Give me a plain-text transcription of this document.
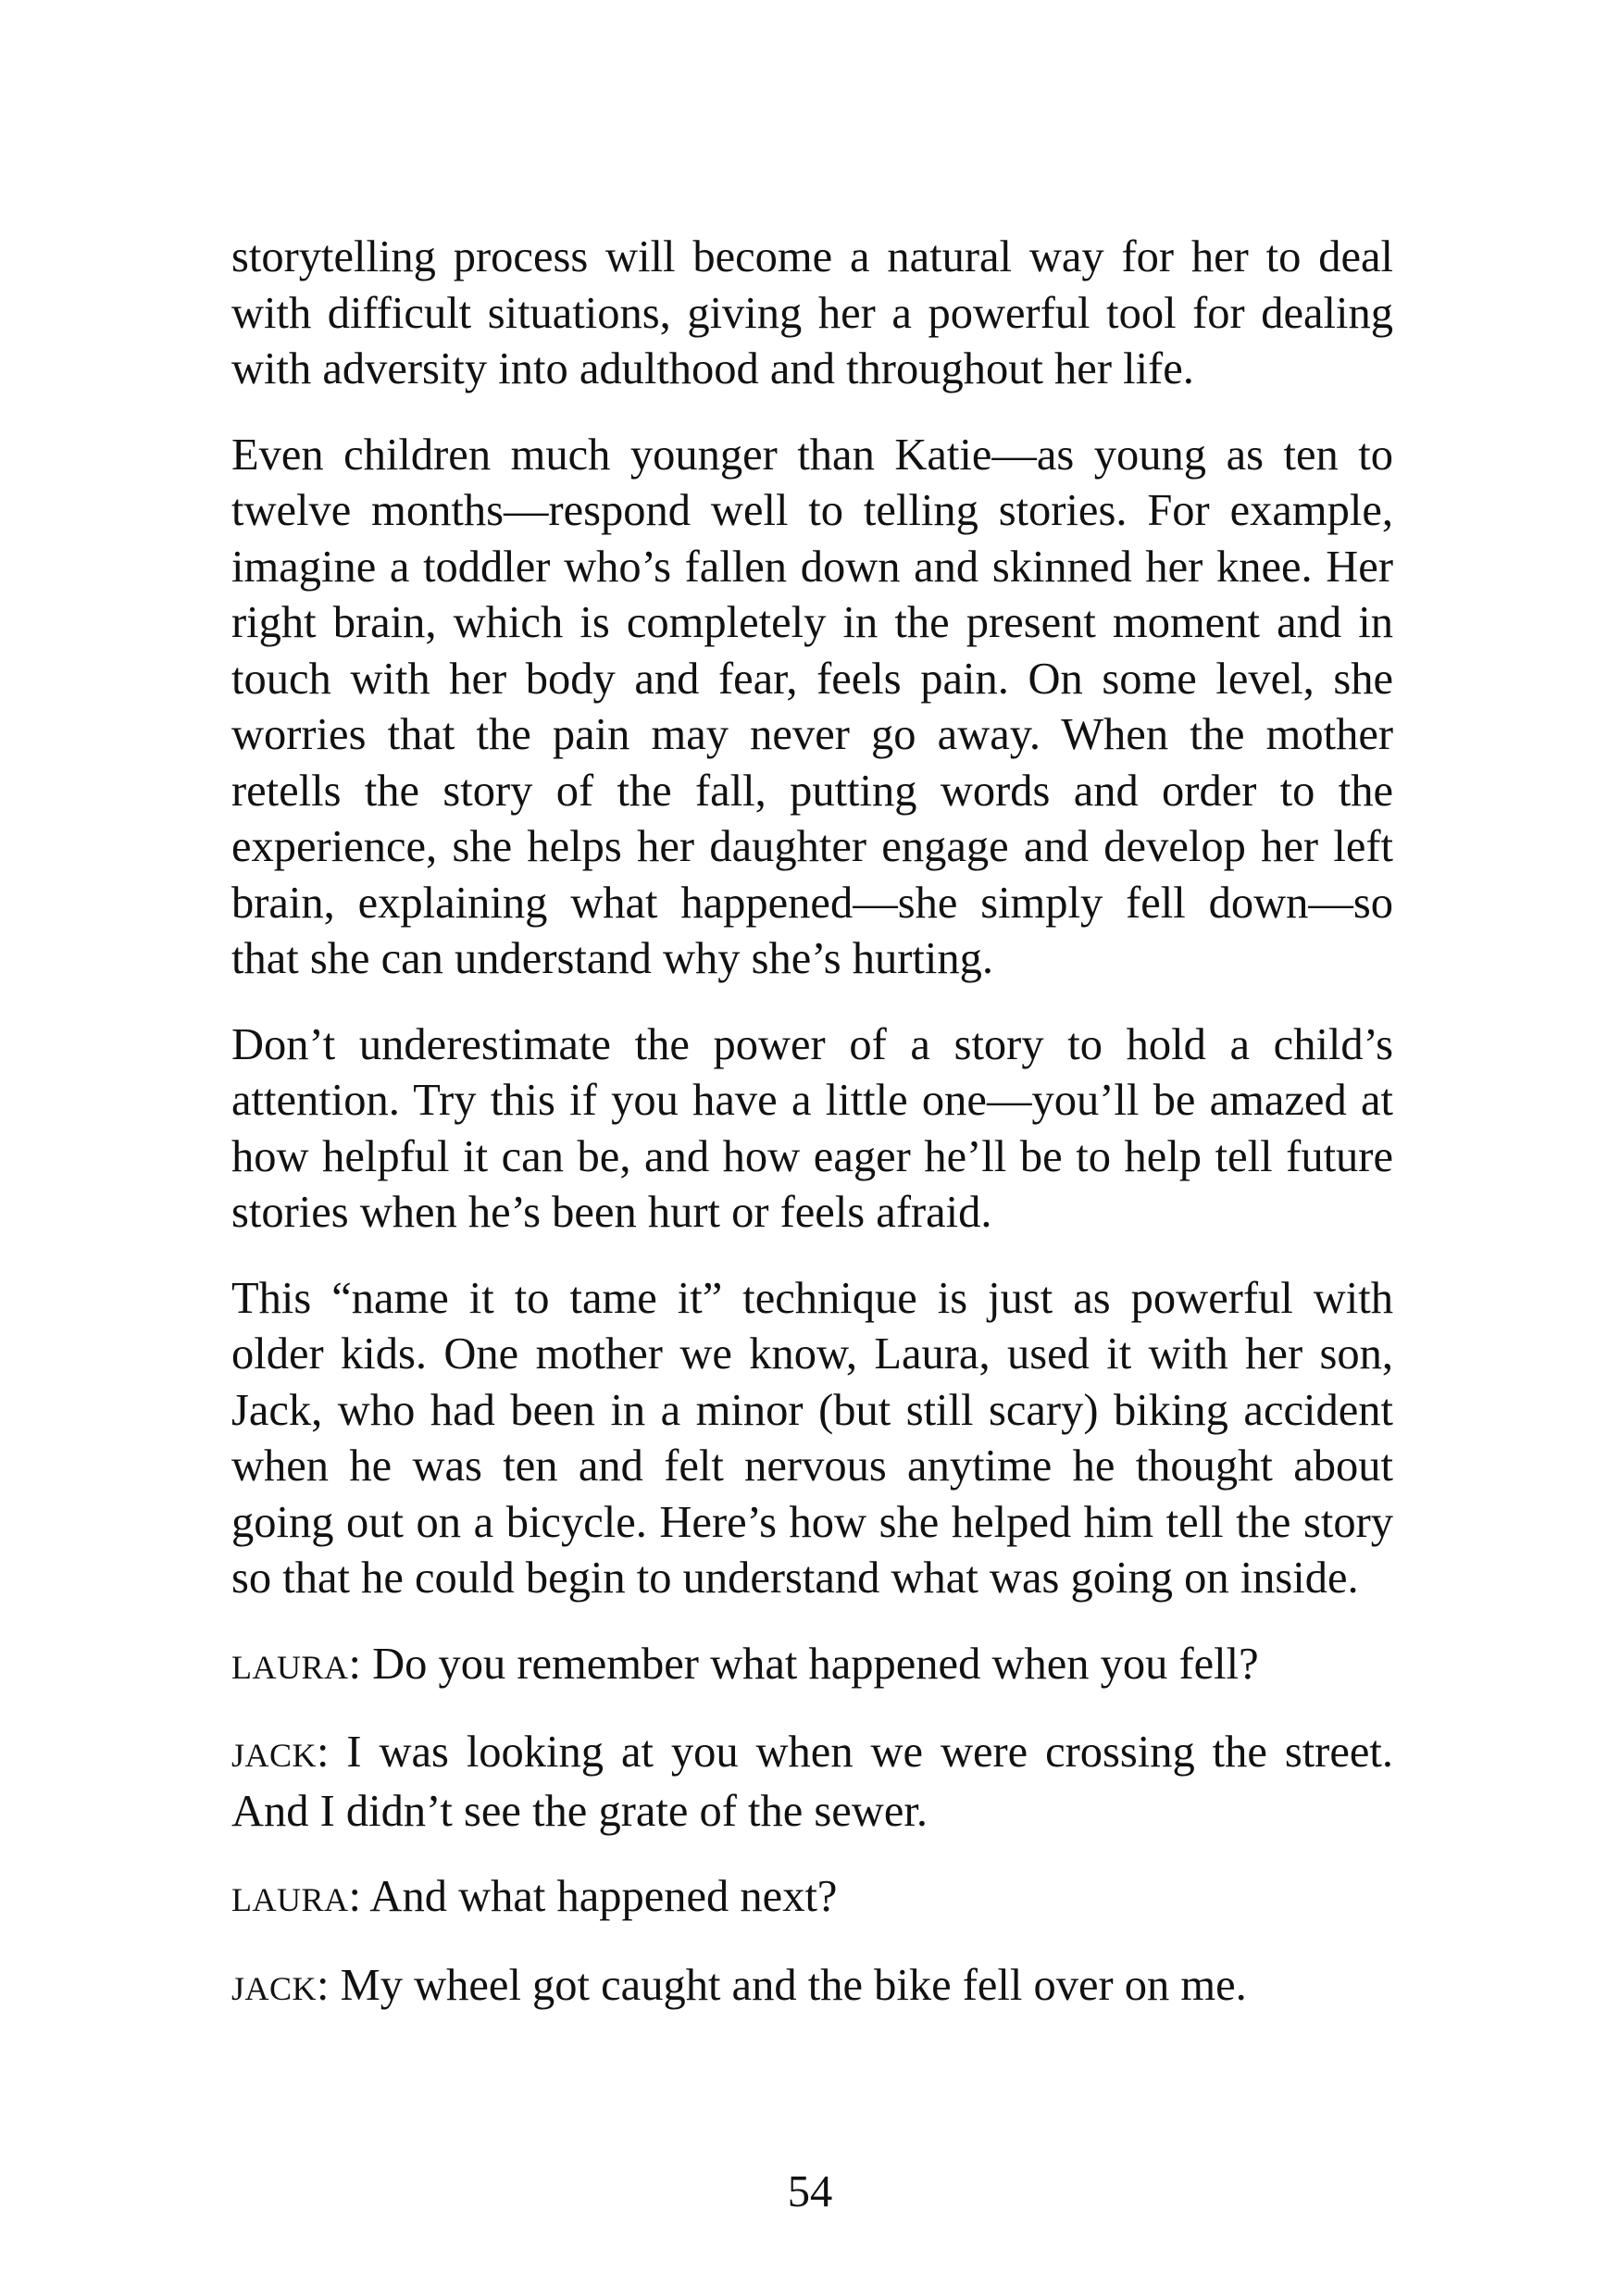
storytelling process will become a natural way for her to deal with difficult situations, giving her a powerful tool for dealing with adversity into adulthood and throughout her life.

Even children much younger than Katie—as young as ten to twelve months—respond well to telling stories. For example, imagine a toddler who’s fallen down and skinned her knee. Her right brain, which is completely in the present moment and in touch with her body and fear, feels pain. On some level, she worries that the pain may never go away. When the mother retells the story of the fall, putting words and order to the experience, she helps her daughter engage and develop her left brain, explaining what happened—she simply fell down—so that she can understand why she’s hurting.

Don’t underestimate the power of a story to hold a child’s attention. Try this if you have a little one—you’ll be amazed at how helpful it can be, and how eager he’ll be to help tell future stories when he’s been hurt or feels afraid.

This “name it to tame it” technique is just as powerful with older kids. One mother we know, Laura, used it with her son, Jack, who had been in a minor (but still scary) biking accident when he was ten and felt nervous anytime he thought about going out on a bicycle. Here’s how she helped him tell the story so that he could begin to understand what was going on inside.

LAURA: Do you remember what happened when you fell?

JACK: I was looking at you when we were crossing the street. And I didn’t see the grate of the sewer.

LAURA: And what happened next?

JACK: My wheel got caught and the bike fell over on me.

54
